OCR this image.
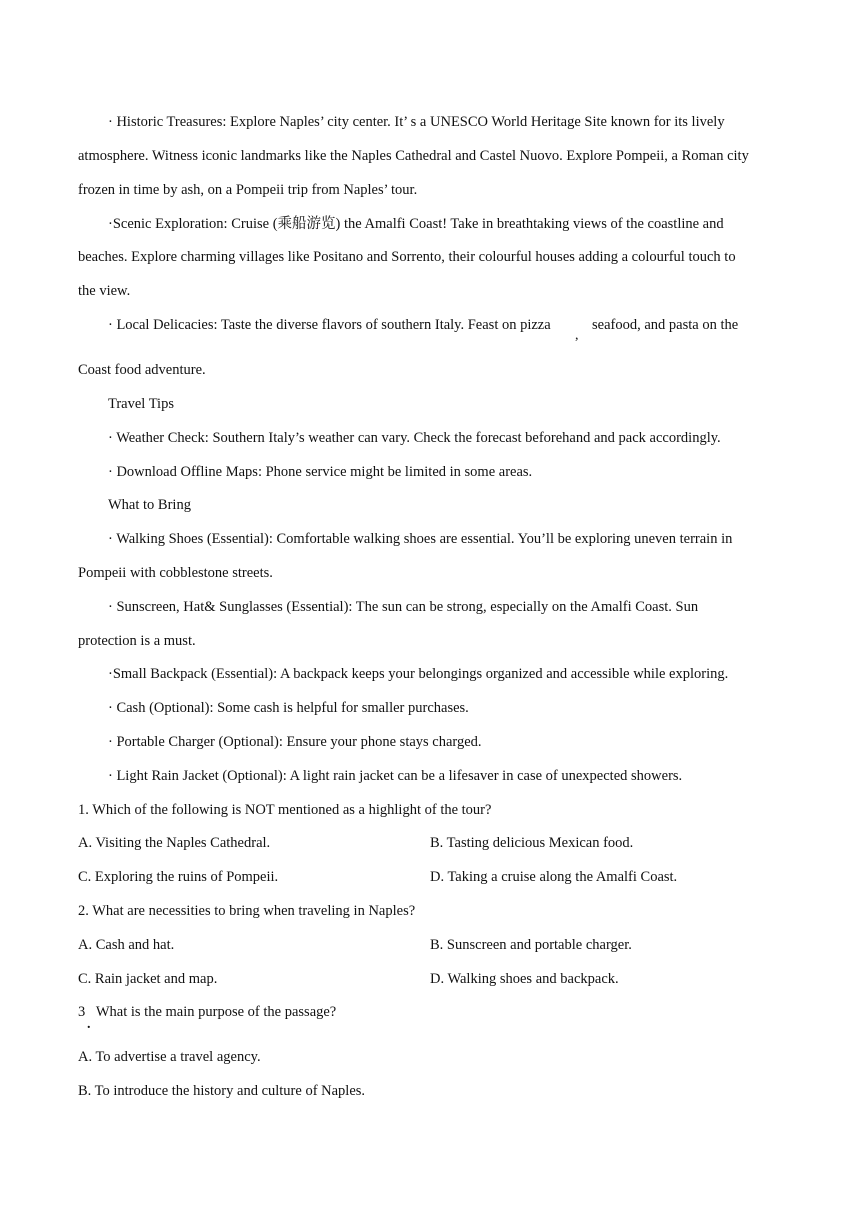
· Historic Treasures: Explore Naples’ city center. It’ s a UNESCO World Heritage Site known for its lively
atmosphere. Witness iconic landmarks like the Naples Cathedral and Castel Nuovo. Explore Pompeii, a Roman city
frozen in time by ash, on a Pompeii trip from Naples’ tour.
·Scenic Exploration: Cruise (乘船游览) the Amalfi Coast! Take in breathtaking views of the coastline and
beaches. Explore charming villages like Positano and Sorrento, their colourful houses adding a colourful touch to
the view.
· Local Delicacies: Taste the diverse flavors of southern Italy. Feast on pizza
,
seafood, and pasta on the
Coast food adventure.
Travel Tips
· Weather Check: Southern Italy’s weather can vary. Check the forecast beforehand and pack accordingly.
· Download Offline Maps: Phone service might be limited in some areas.
What to Bring
· Walking Shoes (Essential): Comfortable walking shoes are essential. You’ll be exploring uneven terrain in
Pompeii with cobblestone streets.
· Sunscreen, Hat& Sunglasses (Essential): The sun can be strong, especially on the Amalfi Coast. Sun
protection is a must.
·Small Backpack (Essential): A backpack keeps your belongings organized and accessible while exploring.
· Cash (Optional): Some cash is helpful for smaller purchases.
· Portable Charger (Optional): Ensure your phone stays charged.
· Light Rain Jacket (Optional): A light rain jacket can be a lifesaver in case of unexpected showers.
1. Which of the following is NOT mentioned as a highlight of the tour?
A. Visiting the Naples Cathedral.	B. Tasting delicious Mexican food.
C. Exploring the ruins of Pompeii.	D. Taking a cruise along the Amalfi Coast.
2. What are necessities to bring when traveling in Naples?
A. Cash and hat.	B. Sunscreen and portable charger.
C. Rain jacket and map.	D. Walking shoes and backpack.
3   What is the main purpose of the passage?
.
A. To advertise a travel agency.
B. To introduce the history and culture of Naples.
